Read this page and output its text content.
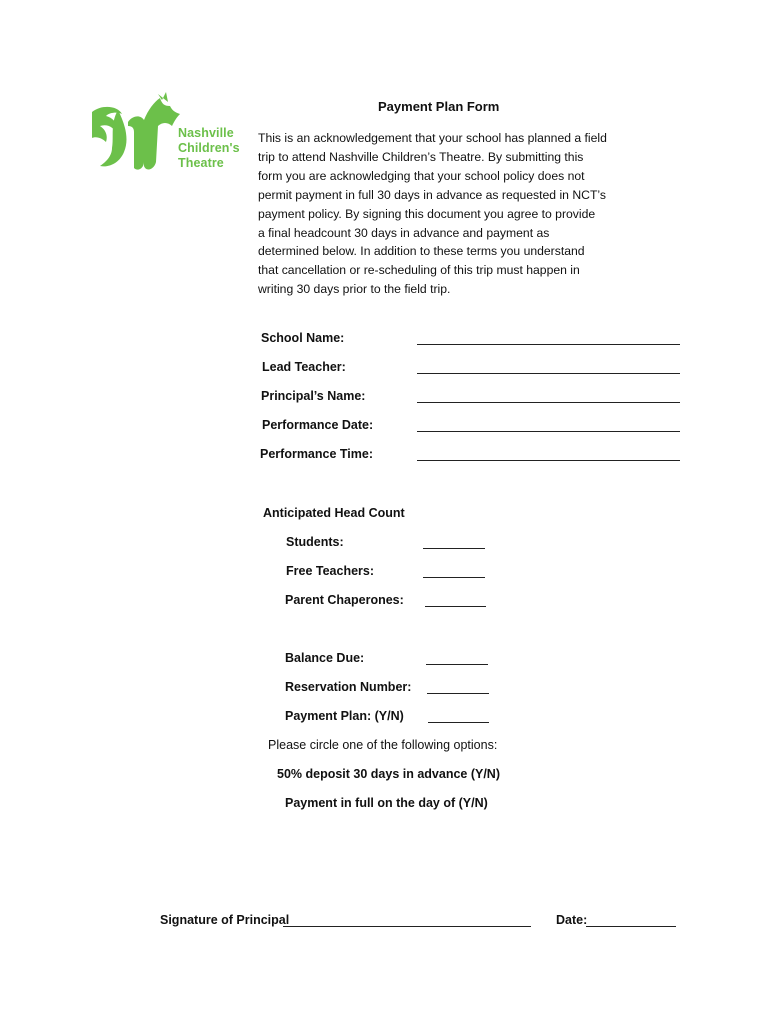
Nashville
Children's
Theatre
Payment Plan Form
This is an acknowledgement that your school has planned a field
trip to attend Nashville Children’s Theatre. By submitting this
form you are acknowledging that your school policy does not
permit payment in full 30 days in advance as requested in NCT’s
payment policy. By signing this document you agree to provide
a final headcount 30 days in advance and payment as
determined below. In addition to these terms you understand
that cancellation or re-scheduling of this trip must happen in
writing 30 days prior to the field trip.
School Name:
Lead Teacher:
Principal’s Name:
Performance Date:
Performance Time:
Anticipated Head Count
Students:
Free Teachers:
Parent Chaperones:
Balance Due:
Reservation Number:
Payment Plan: (Y/N)
Please circle one of the following options:
50% deposit 30 days in advance (Y/N)
Payment in full on the day of (Y/N)
Signature of Principal	Date:
